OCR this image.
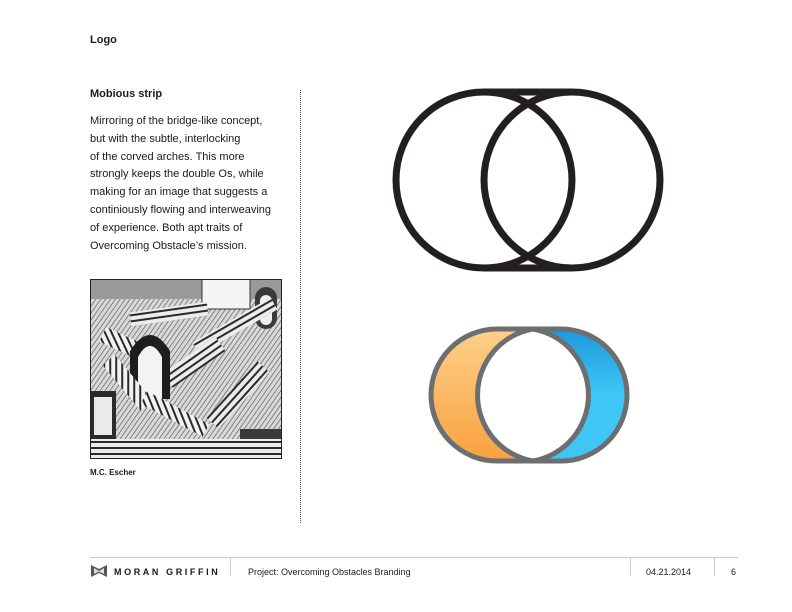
Logo
Mobious strip

Mirroring of the bridge-like concept,
but with the subtle, interlocking
of the corved arches. This more
strongly keeps the double Os, while
making for an image that suggests a
continiously flowing and interweaving
of experience. Both apt traits of
Overcoming Obstacle’s mission.

M.C. Escher
MORAN GRIFFIN	Project: Overcoming Obstacles Branding	04.21.2014	6
